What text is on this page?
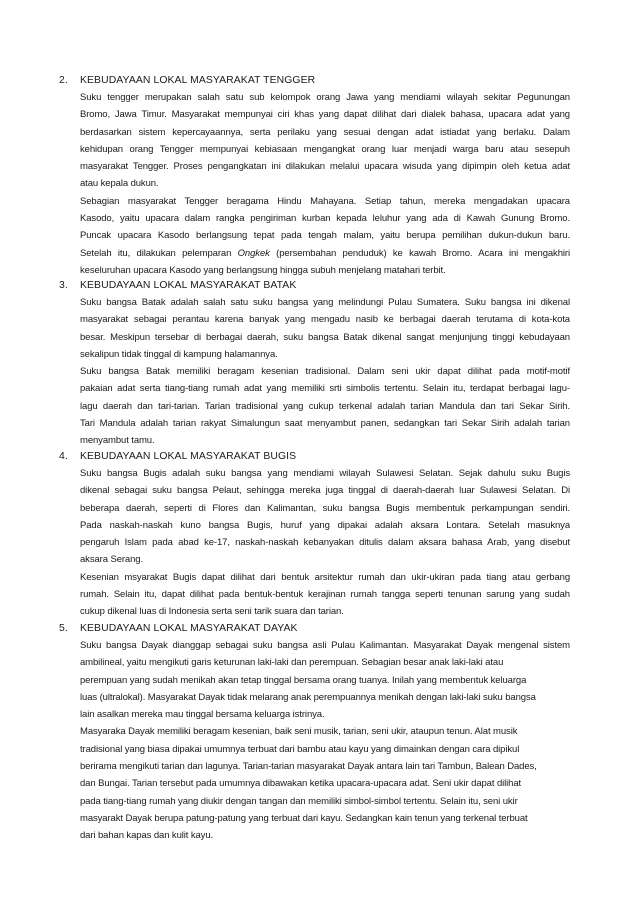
2. KEBUDAYAAN LOKAL MASYARAKAT TENGGER
Suku tengger merupakan salah satu sub kelompok orang Jawa yang mendiami wilayah sekitar Pegunungan
Bromo, Jawa Timur. Masyarakat mempunyai ciri khas yang dapat dilihat dari dialek bahasa, upacara adat yang
berdasarkan sistem kepercayaannya, serta perilaku yang sesuai dengan adat istiadat yang berlaku. Dalam
kehidupan orang Tengger mempunyai kebiasaan mengangkat orang luar menjadi warga baru atau sesepuh
masyarakat Tengger. Proses pengangkatan ini dilakukan melalui upacara wisuda yang dipimpin oleh ketua adat
atau kepala dukun.
Sebagian masyarakat Tengger beragama Hindu Mahayana. Setiap tahun, mereka mengadakan upacara
Kasodo, yaitu upacara dalam rangka pengiriman kurban kepada leluhur yang ada di Kawah Gunung Bromo.
Puncak upacara Kasodo berlangsung tepat pada tengah malam, yaitu berupa pemilihan dukun-dukun baru.
Setelah itu, dilakukan pelemparan Ongkek (persembahan penduduk) ke kawah Bromo. Acara ini mengakhiri
keseluruhan upacara Kasodo yang berlangsung hingga subuh menjelang matahari terbit.
3. KEBUDAYAAN LOKAL MASYARAKAT BATAK
Suku bangsa Batak adalah salah satu suku bangsa yang melindungi Pulau Sumatera. Suku bangsa ini dikenal
masyarakat sebagai perantau karena banyak yang mengadu nasib ke berbagai daerah terutama di kota-kota
besar. Meskipun tersebar di berbagai daerah, suku bangsa Batak dikenal sangat menjunjung tinggi kebudayaan
sekalipun tidak tinggal di kampung halamannya.
Suku bangsa Batak memiliki beragam kesenian tradisional. Dalam seni ukir dapat dilihat pada motif-motif
pakaian adat serta tiang-tiang rumah adat yang memiliki srti simbolis tertentu. Selain itu, terdapat berbagai lagu-
lagu daerah dan tari-tarian. Tarian tradisional yang cukup terkenal adalah tarian Mandula dan tari Sekar Sirih.
Tari Mandula adalah tarian rakyat Simalungun saat menyambut panen, sedangkan tari Sekar Sirih adalah tarian
menyambut tamu.
4. KEBUDAYAAN LOKAL MASYARAKAT BUGIS
Suku bangsa Bugis adalah suku bangsa yang mendiami wilayah Sulawesi Selatan. Sejak dahulu suku Bugis
dikenal sebagai suku bangsa Pelaut, sehingga mereka juga tinggal di daerah-daerah luar Sulawesi Selatan. Di
beberapa daerah, seperti di Flores dan Kalimantan, suku bangsa Bugis membentuk perkampungan sendiri.
Pada naskah-naskah kuno bangsa Bugis, huruf yang dipakai adalah aksara Lontara. Setelah masuknya
pengaruh Islam pada abad ke-17, naskah-naskah kebanyakan ditulis dalam aksara bahasa Arab, yang disebut
aksara Serang.
Kesenian msyarakat Bugis dapat dilihat dari bentuk arsitektur rumah dan ukir-ukiran pada tiang atau gerbang
rumah. Selain itu, dapat dilihat pada bentuk-bentuk kerajinan rumah tangga seperti tenunan sarung yang sudah
cukup dikenal luas di Indonesia serta seni tarik suara dan tarian.
5. KEBUDAYAAN LOKAL MASYARAKAT DAYAK
Suku bangsa Dayak dianggap sebagai suku bangsa asli Pulau Kalimantan. Masyarakat Dayak mengenal sistem
ambilineal, yaitu mengikuti garis keturunan laki-laki dan perempuan. Sebagian besar anak laki-laki atau
perempuan yang sudah menikah akan tetap tinggal bersama orang tuanya. Inilah yang membentuk keluarga
luas (ultralokal). Masyarakat Dayak tidak melarang anak perempuannya menikah dengan laki-laki suku bangsa
lain asalkan mereka mau tinggal bersama keluarga istrinya.
Masyaraka Dayak memiliki beragam kesenian, baik seni musik, tarian, seni ukir, ataupun tenun. Alat musik
tradisional yang biasa dipakai umumnya terbuat dari bambu atau kayu yang dimainkan dengan cara dipikul
berirama mengikuti tarian dan lagunya. Tarian-tarian masyarakat Dayak antara lain tari Tambun, Balean Dades,
dan Bungai. Tarian tersebut pada umumnya dibawakan ketika upacara-upacara adat. Seni ukir dapat dilihat
pada tiang-tiang rumah yang diukir dengan tangan dan memiliki simbol-simbol tertentu. Selain itu, seni ukir
masyarakt Dayak berupa patung-patung yang terbuat dari kayu. Sedangkan kain tenun yang terkenal terbuat
dari bahan kapas dan kulit kayu.
